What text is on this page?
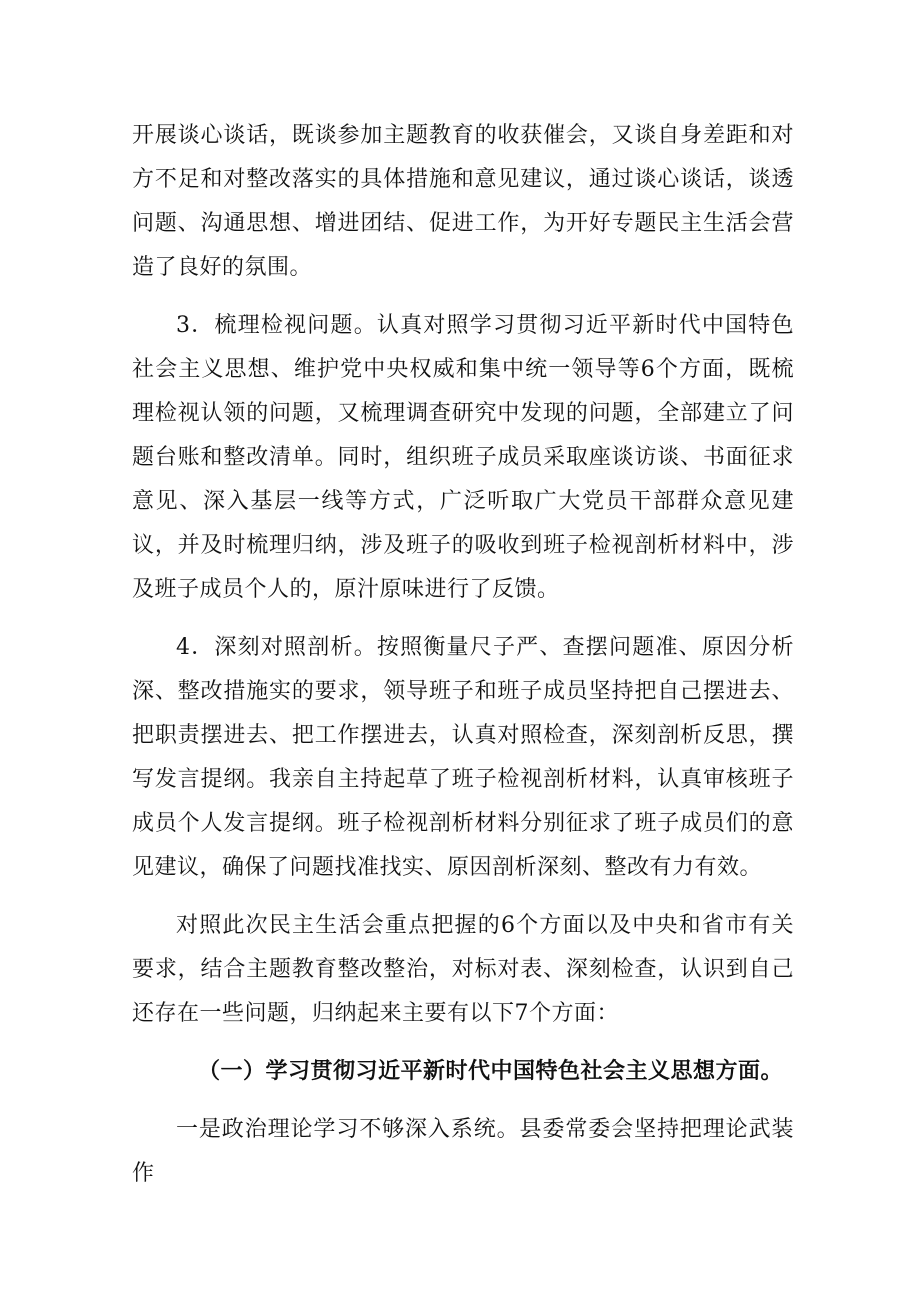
开展谈心谈话，既谈参加主题教育的收获催会，又谈自身差距和对方不足和对整改落实的具体措施和意见建议，通过谈心谈话，谈透问题、沟通思想、增进团结、促进工作，为开好专题民主生活会营造了良好的氛围。

3．梳理检视问题。认真对照学习贯彻习近平新时代中国特色社会主义思想、维护党中央权威和集中统一领导等6个方面，既梳理检视认领的问题，又梳理调查研究中发现的问题，全部建立了问题台账和整改清单。同时，组织班子成员采取座谈访谈、书面征求意见、深入基层一线等方式，广泛听取广大党员干部群众意见建议，并及时梳理归纳，涉及班子的吸收到班子检视剖析材料中，涉及班子成员个人的，原汁原味进行了反馈。

4．深刻对照剖析。按照衡量尺子严、查摆问题准、原因分析深、整改措施实的要求，领导班子和班子成员坚持把自己摆进去、把职责摆进去、把工作摆进去，认真对照检查，深刻剖析反思，撰写发言提纲。我亲自主持起草了班子检视剖析材料，认真审核班子成员个人发言提纲。班子检视剖析材料分别征求了班子成员们的意见建议，确保了问题找准找实、原因剖析深刻、整改有力有效。

对照此次民主生活会重点把握的6个方面以及中央和省市有关要求，结合主题教育整改整治，对标对表、深刻检查，认识到自己还存在一些问题，归纳起来主要有以下7个方面：

（一）学习贯彻习近平新时代中国特色社会主义思想方面。

一是政治理论学习不够深入系统。县委常委会坚持把理论武装作
